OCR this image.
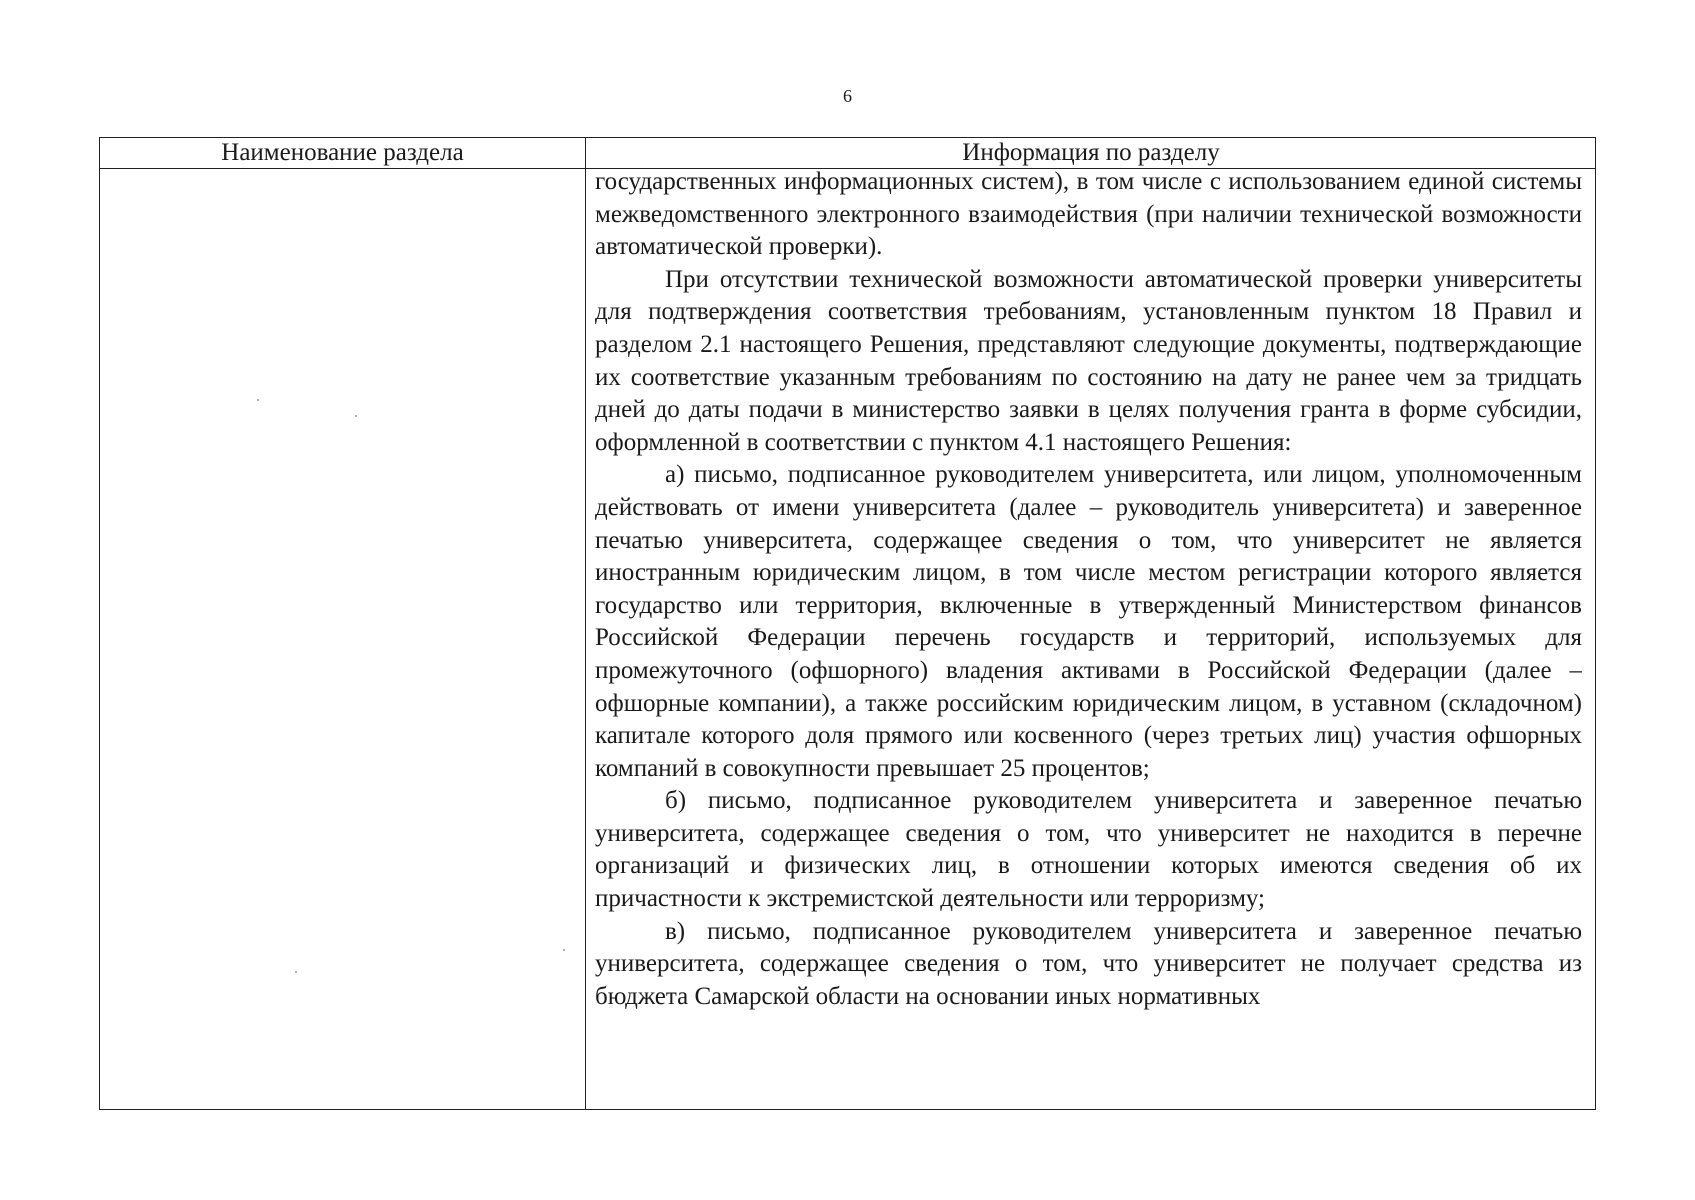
6
Наименование раздела	Информация по разделу

государственных информационных систем), в том числе с использованием единой системы межведомственного электронного взаимодействия (при наличии технической возможности автоматической проверки).

При отсутствии технической возможности автоматической проверки университеты для подтверждения соответствия требованиям, установленным пунктом 18 Правил и разделом 2.1 настоящего Решения, представляют следующие документы, подтверждающие их соответствие указанным требованиям по состоянию на дату не ранее чем за тридцать дней до даты подачи в министерство заявки в целях получения гранта в форме субсидии, оформленной в соответствии с пунктом 4.1 настоящего Решения:

а) письмо, подписанное руководителем университета, или лицом, уполномоченным действовать от имени университета (далее – руководитель университета) и заверенное печатью университета, содержащее сведения о том, что университет не является иностранным юридическим лицом, в том числе местом регистрации которого является государство или территория, включенные в утвержденный Министерством финансов Российской Федерации перечень государств и территорий, используемых для промежуточного (офшорного) владения активами в Российской Федерации (далее – офшорные компании), а также российским юридическим лицом, в уставном (складочном) капитале которого доля прямого или косвенного (через третьих лиц) участия офшорных компаний в совокупности превышает 25 процентов;

б) письмо, подписанное руководителем университета и заверенное печатью университета, содержащее сведения о том, что университет не находится в перечне организаций и физических лиц, в отношении которых имеются сведения об их причастности к экстремистской деятельности или терроризму;

в) письмо, подписанное руководителем университета и заверенное печатью университета, содержащее сведения о том, что университет не получает средства из бюджета Самарской области на основании иных нормативных
